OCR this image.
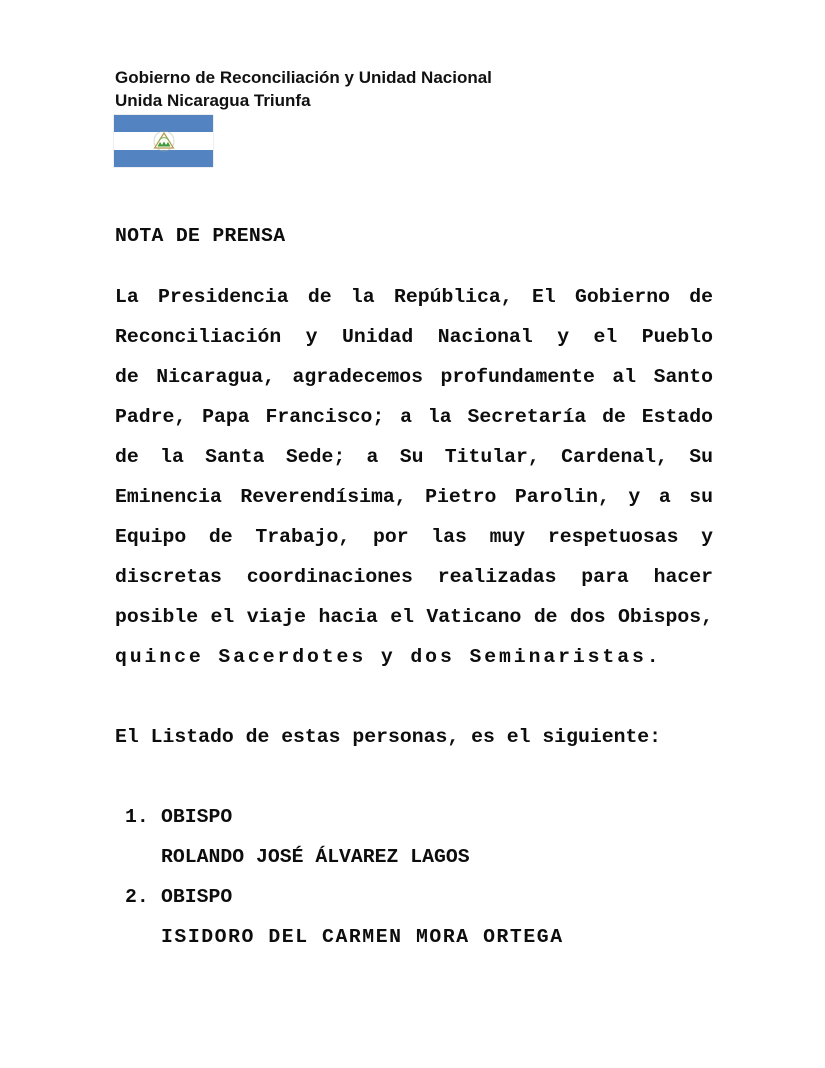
Gobierno de Reconciliación y Unidad Nacional
Unida Nicaragua Triunfa
NOTA DE PRENSA
La Presidencia de la República, El Gobierno de
Reconciliación y Unidad Nacional y el Pueblo
de Nicaragua, agradecemos profundamente al Santo
Padre, Papa Francisco; a la Secretaría de Estado
de la Santa Sede; a Su Titular, Cardenal, Su
Eminencia Reverendísima, Pietro Parolin, y a su
Equipo de Trabajo, por las muy respetuosas y
discretas coordinaciones realizadas para hacer
posible el viaje hacia el Vaticano de dos Obispos,
quince Sacerdotes y dos Seminaristas.
El Listado de estas personas, es el siguiente:
1. OBISPO
ROLANDO JOSÉ ÁLVAREZ LAGOS
2. OBISPO
ISIDORO DEL CARMEN MORA ORTEGA
